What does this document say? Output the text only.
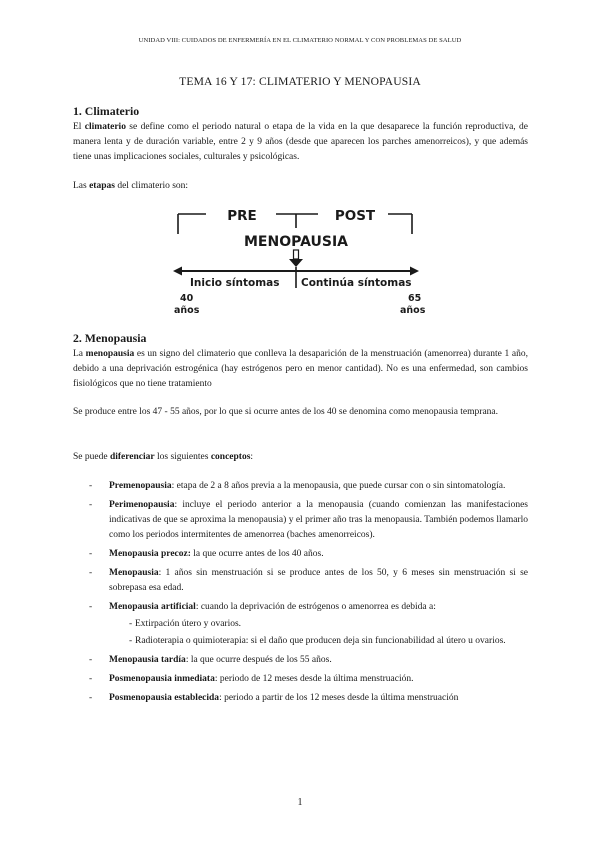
UNIDAD VIII: CUIDADOS DE ENFERMERÍA EN EL CLIMATERIO NORMAL Y CON PROBLEMAS DE SALUD
TEMA 16 Y 17: CLIMATERIO Y MENOPAUSIA
1. Climaterio

El climaterio se define como el periodo natural o etapa de la vida en la que desaparece la función reproductiva, de manera lenta y de duración variable, entre 2 y 9 años (desde que aparecen los parches amenorreicos), y que además tiene unas implicaciones sociales, culturales y psicológicas.

Las etapas del climaterio son:

PRE	POST
MENOPAUSIA
Inicio síntomas Continúa síntomas
40
años
65
años
2. Menopausia

La menopausia es un signo del climaterio que conlleva la desaparición de la menstruación (amenorrea) durante 1 año, debido a una deprivación estrogénica (hay estrógenos pero en menor cantidad). No es una enfermedad, son cambios fisiológicos que no tiene tratamiento

Se produce entre los 47 - 55 años, por lo que si ocurre antes de los 40 se denomina como menopausia temprana.

Se puede diferenciar los siguientes conceptos:

- Premenopausia: etapa de 2 a 8 años previa a la menopausia, que puede cursar con o sin sintomatología.
- Perimenopausia: incluye el periodo anterior a la menopausia (cuando comienzan las manifestaciones indicativas de que se aproxima la menopausia) y el primer año tras la menopausia. También podemos llamarlo como los periodos intermitentes de amenorrea (baches amenorreicos).
- Menopausia precoz: la que ocurre antes de los 40 años.
- Menopausia: 1 años sin menstruación si se produce antes de los 50, y 6 meses sin menstruación si se sobrepasa esa edad.
- Menopausia artificial: cuando la deprivación de estrógenos o amenorrea es debida a:
- Extirpación útero y ovarios.
- Radioterapia o quimioterapia: si el daño que producen deja sin funcionabilidad al útero u ovarios.
- Menopausia tardía: la que ocurre después de los 55 años.
- Posmenopausia inmediata: periodo de 12 meses desde la última menstruación.
- Posmenopausia establecida: periodo a partir de los 12 meses desde la última menstruación
1
